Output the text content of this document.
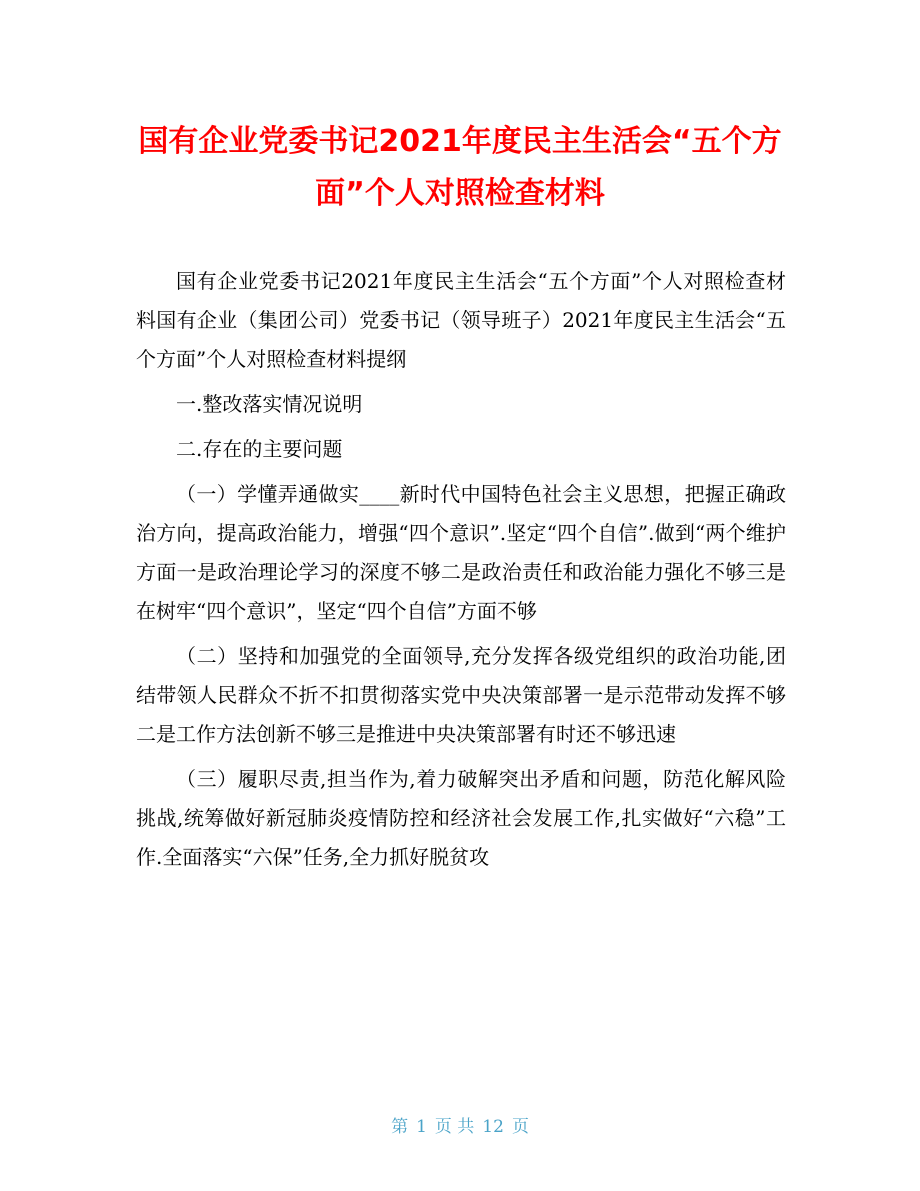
国有企业党委书记2021年度民主生活会“五个方面”个人对照检查材料

国有企业党委书记2021年度民主生活会“五个方面”个人对照检查材料国有企业（集团公司）党委书记（领导班子）2021年度民主生活会“五个方面”个人对照检查材料提纲

一.整改落实情况说明

二.存在的主要问题

（一）学懂弄通做实____新时代中国特色社会主义思想，把握正确政治方向，提高政治能力，增强“四个意识”.坚定“四个自信”.做到“两个维护方面一是政治理论学习的深度不够二是政治责任和政治能力强化不够三是在树牢“四个意识”，坚定“四个自信”方面不够

（二）坚持和加强党的全面领导,充分发挥各级党组织的政治功能,团结带领人民群众不折不扣贯彻落实党中央决策部署一是示范带动发挥不够二是工作方法创新不够三是推进中央决策部署有时还不够迅速

（三）履职尽责,担当作为,着力破解突出矛盾和问题，防范化解风险挑战,统筹做好新冠肺炎疫情防控和经济社会发展工作,扎实做好“六稳”工作.全面落实“六保”任务,全力抓好脱贫攻

第 1 页 共 12 页
